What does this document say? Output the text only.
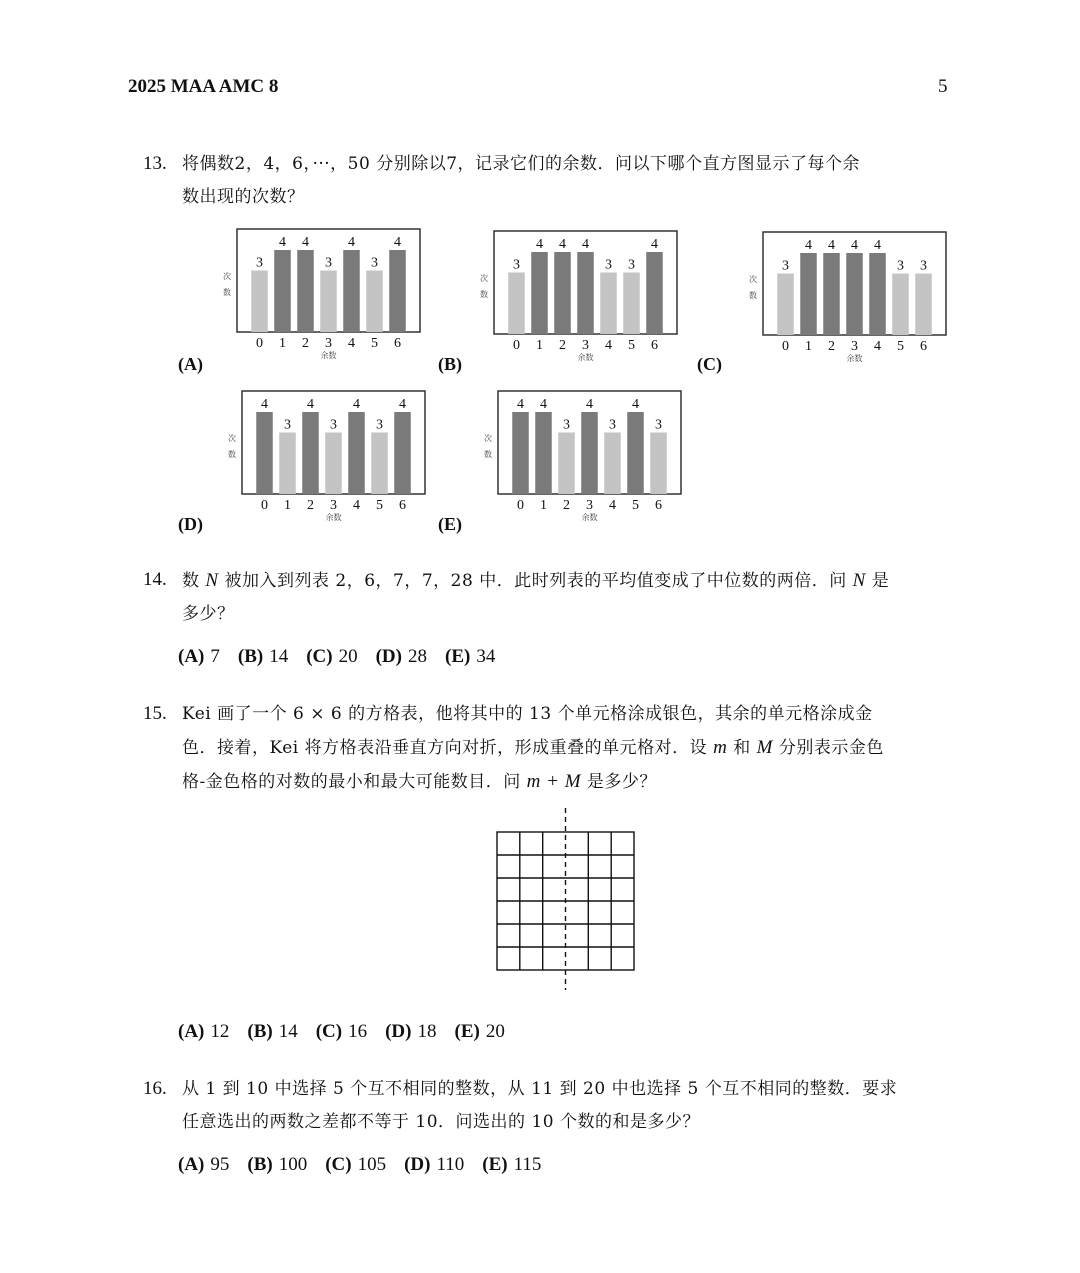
2025 MAA AMC 8	5
13. 将偶数2，4，6，···，50 分别除以7，记录它们的余数．问以下哪个直方图显示了每个余
数出现的次数？
3
0
4
1
4
2
3
3
4
4
3
5
4
6
次
数
余数
(A)
3
0
4
1
4
2
4
3
3
4
3
5
4
6
次
数
余数
(B)
3
0
4
1
4
2
4
3
4
4
3
5
3
6
次
数
余数
(C)
4
0
3
1
4
2
3
3
4
4
3
5
4
6
次
数
余数
(D)
4
0
4
1
3
2
4
3
3
4
4
5
3
6
次
数
余数
(E)
14. 数 N 被加入到列表 2，6，7，7，28 中．此时列表的平均值变成了中位数的两倍．问 N 是
多少？
(A) 7 (B) 14 (C) 20 (D) 28 (E) 34
15. Kei 画了一个 6 × 6 的方格表，他将其中的 13 个单元格涂成银色，其余的单元格涂成金
色．接着，Kei 将方格表沿垂直方向对折，形成重叠的单元格对．设 m 和 M 分别表示金色
格-金色格的对数的最小和最大可能数目．问 m + M 是多少？
(A) 12 (B) 14 (C) 16 (D) 18 (E) 20
16. 从 1 到 10 中选择 5 个互不相同的整数，从 11 到 20 中也选择 5 个互不相同的整数．要求
任意选出的两数之差都不等于 10．问选出的 10 个数的和是多少？
(A) 95 (B) 100 (C) 105 (D) 110 (E) 115
